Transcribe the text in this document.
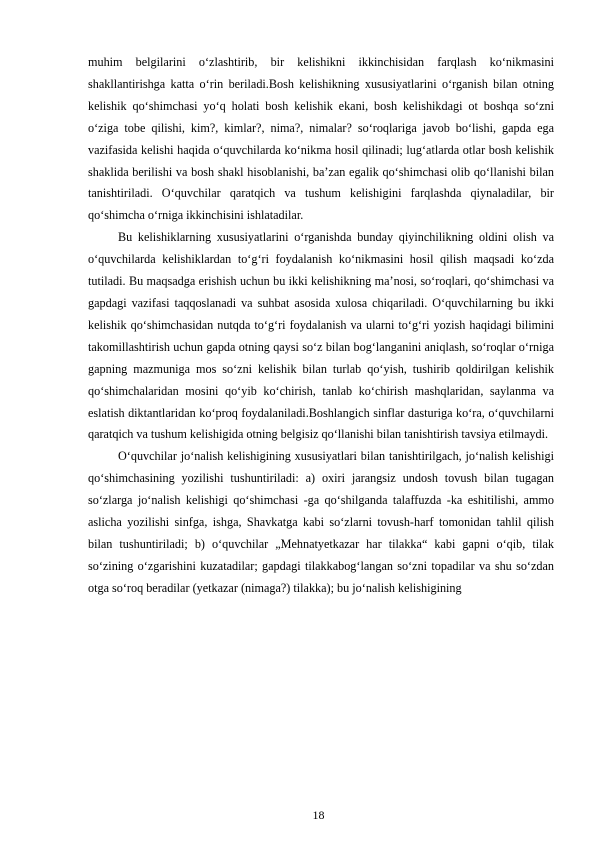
muhim belgilarini o‘zlashtirib, bir kelishikni ikkinchisidan farqlash ko‘nikmasini shakllantirishga katta o‘rin beriladi.Bosh kelishikning xususiyatlarini o‘rganish bilan otning kelishik qo‘shimchasi yo‘q holati bosh kelishik ekani, bosh kelishikdagi ot boshqa so‘zni o‘ziga tobe qilishi, kim?, kimlar?, nima?, nimalar? so‘roqlariga javob bo‘lishi, gapda ega vazifasida kelishi haqida o‘quvchilarda ko‘nikma hosil qilinadi; lug‘atlarda otlar bosh kelishik shaklida berilishi va bosh shakl hisoblanishi, ba’zan egalik qo‘shimchasi olib qo‘llanishi bilan tanishtiriladi. O‘quvchilar qaratqich va tushum kelishigini farqlashda qiynaladilar, bir qo‘shimcha o‘rniga ikkinchisini ishlatadilar.

Bu kelishiklarning xususiyatlarini o‘rganishda bunday qiyinchilikning oldini olish va o‘quvchilarda kelishiklardan to‘g‘ri foydalanish ko‘nikmasini hosil qilish maqsadi ko‘zda tutiladi. Bu maqsadga erishish uchun bu ikki kelishikning ma’nosi, so‘roqlari, qo‘shimchasi va gapdagi vazifasi taqqoslanadi va suhbat asosida xulosa chiqariladi. O‘quvchilarning bu ikki kelishik qo‘shimchasidan nutqda to‘g‘ri foydalanish va ularni to‘g‘ri yozish haqidagi bilimini takomillashtirish uchun gapda otning qaysi so‘z bilan bog‘langanini aniqlash, so‘roqlar o‘rniga gapning mazmuniga mos so‘zni kelishik bilan turlab qo‘yish, tushirib qoldirilgan kelishik qo‘shimchalaridan mosini qo‘yib ko‘chirish, tanlab ko‘chirish mashqlaridan, saylanma va eslatish diktantlaridan ko‘proq foydalaniladi.Boshlangich sinflar dasturiga ko‘ra, o‘quvchilarni qaratqich va tushum kelishigida otning belgisiz qo‘llanishi bilan tanishtirish tavsiya etilmaydi.

O‘quvchilar jo‘nalish kelishigining xususiyatlari bilan tanishtirilgach, jo‘nalish kelishigi qo‘shimchasining yozilishi tushuntiriladi: a) oxiri jarangsiz undosh tovush bilan tugagan so‘zlarga jo‘nalish kelishigi qo‘shimchasi -ga qo‘shilganda talaffuzda -ka eshitilishi, ammo aslicha yozilishi sinfga, ishga, Shavkatga kabi so‘zlarni tovush-harf tomonidan tahlil qilish bilan tushuntiriladi; b) o‘quvchilar „Mehnatyetkazar har tilakka“ kabi gapni o‘qib, tilak so‘zining o‘zgarishini kuzatadilar; gapdagi tilakkabog‘langan so‘zni topadilar va shu so‘zdan otga so‘roq beradilar (yetkazar (nimaga?) tilakka); bu jo‘nalish kelishigining

18
